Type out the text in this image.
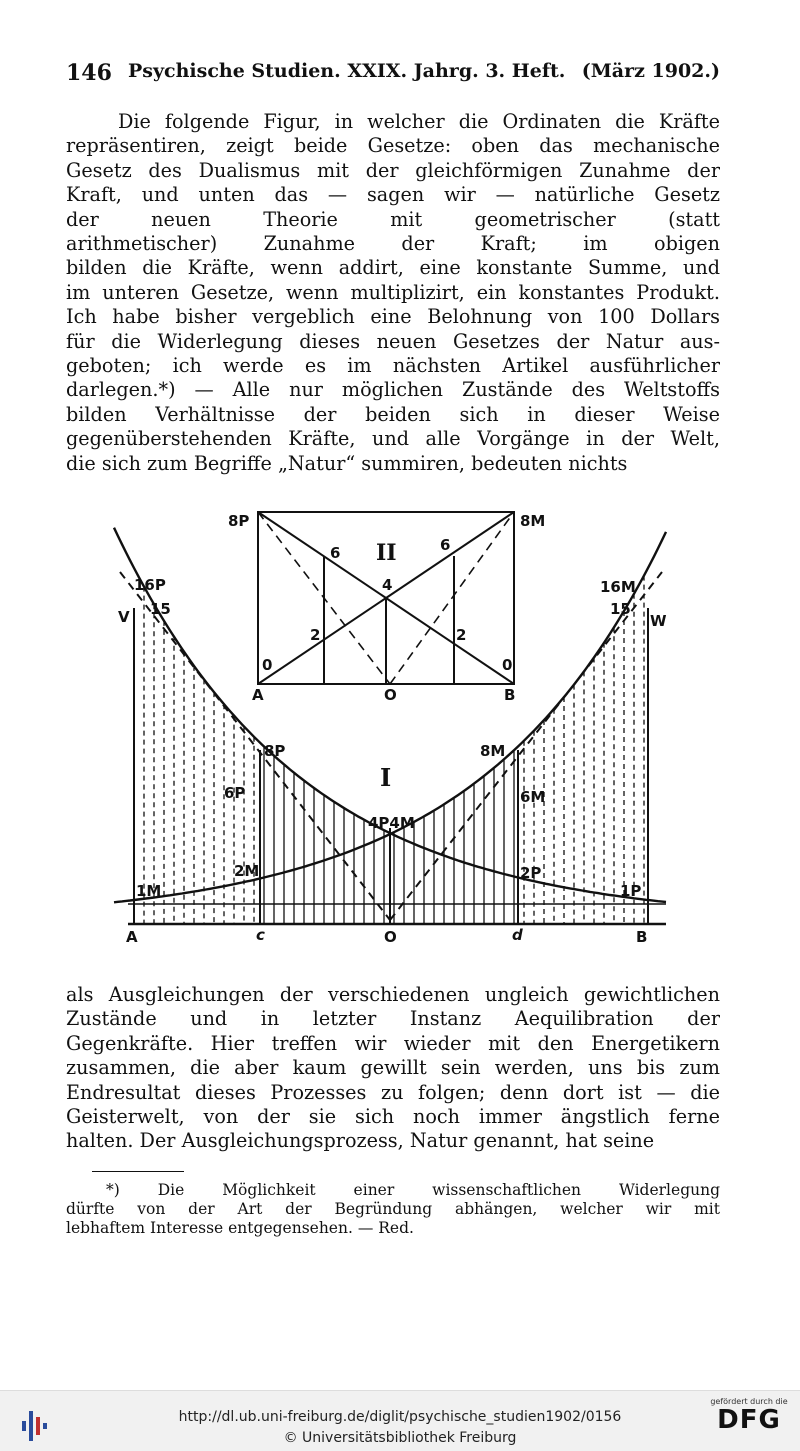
146 Psychische Studien. XXIX. Jahrg. 3. Heft. (März 1902.)
Die folgende Figur, in welcher die Ordinaten die Kräfte
repräsentiren, zeigt beide Gesetze: oben das mechanische
Gesetz des Dualismus mit der gleichförmigen Zunahme der
Kraft, und unten das — sagen wir — natürliche Gesetz
der neuen Theorie mit geometrischer (statt
arithmetischer) Zunahme der Kraft; im obigen
bilden die Kräfte, wenn addirt, eine konstante Summe, und
im unteren Gesetze, wenn multiplizirt, ein konstantes Produkt.
Ich habe bisher vergeblich eine Belohnung von 100 Dollars
für die Widerlegung dieses neuen Gesetzes der Natur aus-
geboten; ich werde es im nächsten Artikel ausführlicher
darlegen.*) — Alle nur möglichen Zustände des Weltstoffs
bilden Verhältnisse der beiden sich in dieser Weise
gegenüberstehenden Kräfte, und alle Vorgänge in der Welt,
die sich zum Begriffe „Natur“ summiren, bedeuten nichts
8P	8M
6	6
4
2	2
0	0
A	O	B
II
16P
15
16M
15
V	W
8P
6P
8M
6M
4P4M
2M	2P
1M	1P
A	c	O	d	B
I
als Ausgleichungen der verschiedenen ungleich gewichtlichen
Zustände und in letzter Instanz Aequilibration der
Gegenkräfte. Hier treffen wir wieder mit den Energetikern
zusammen, die aber kaum gewillt sein werden, uns bis zum
Endresultat dieses Prozesses zu folgen; denn dort ist — die
Geisterwelt, von der sie sich noch immer ängstlich ferne
halten. Der Ausgleichungsprozess, Natur genannt, hat seine
*) Die Möglichkeit einer wissenschaftlichen Widerlegung
dürfte von der Art der Begründung abhängen, welcher wir mit
lebhaftem Interesse entgegensehen. — Red.
http://dl.ub.uni-freiburg.de/diglit/psychische_studien1902/0156
© Universitätsbibliothek Freiburg
gefördert durch die
DFG
